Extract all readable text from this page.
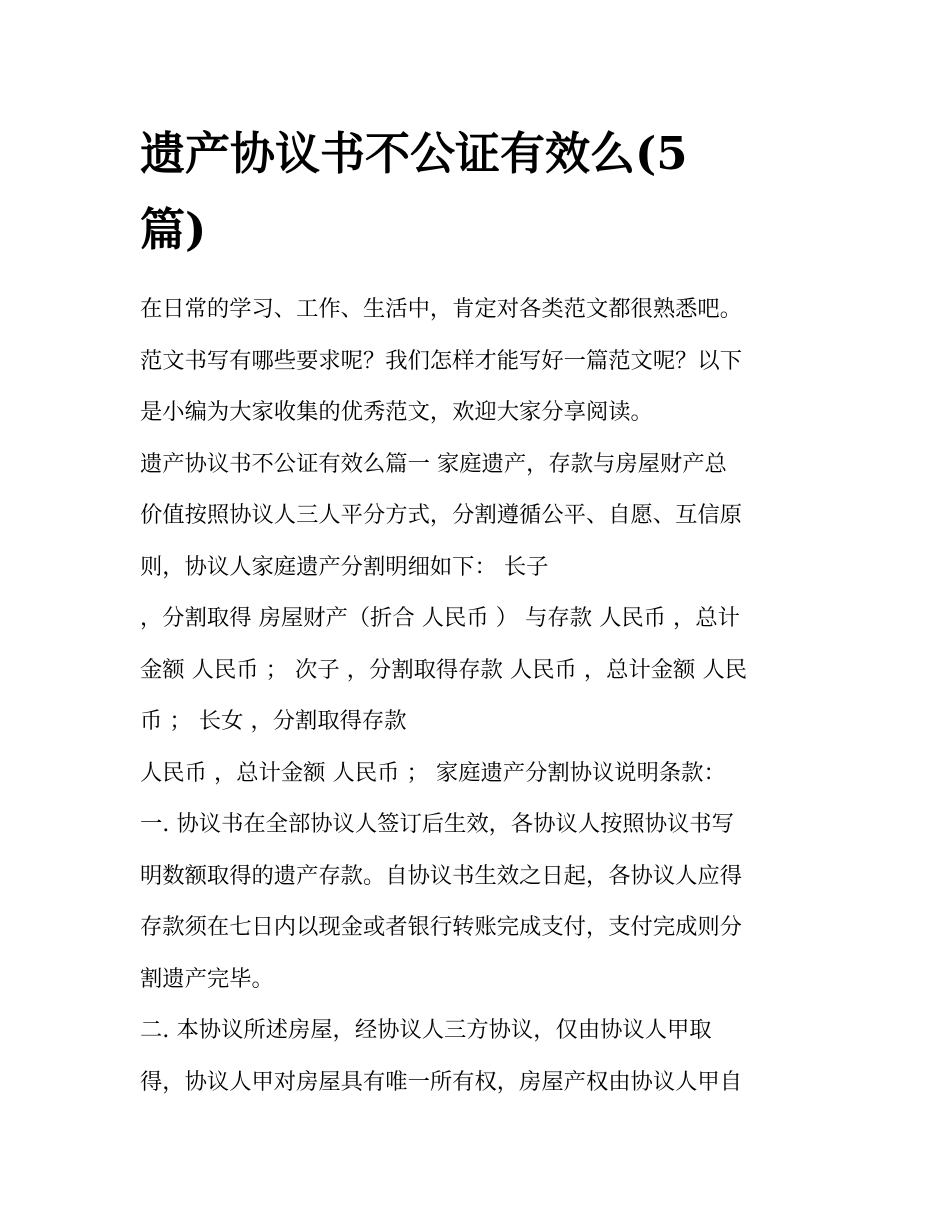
遗产协议书不公证有效么(5
篇)
在日常的学习、工作、生活中，肯定对各类范文都很熟悉吧。
范文书写有哪些要求呢？我们怎样才能写好一篇范文呢？以下
是小编为大家收集的优秀范文，欢迎大家分享阅读。
遗产协议书不公证有效么篇一 家庭遗产，存款与房屋财产总
价值按照协议人三人平分方式，分割遵循公平、自愿、互信原
则，协议人家庭遗产分割明细如下： 长子
，分割取得 房屋财产（折合 人民币 ） 与存款 人民币 ，总计
金额 人民币 ； 次子 ，分割取得存款 人民币 ，总计金额 人民
币 ； 长女 ，分割取得存款
人民币 ，总计金额 人民币 ； 家庭遗产分割协议说明条款：
一. 协议书在全部协议人签订后生效，各协议人按照协议书写
明数额取得的遗产存款。自协议书生效之日起，各协议人应得
存款须在七日内以现金或者银行转账完成支付，支付完成则分
割遗产完毕。
二. 本协议所述房屋，经协议人三方协议，仅由协议人甲取
得，协议人甲对房屋具有唯一所有权，房屋产权由协议人甲自
